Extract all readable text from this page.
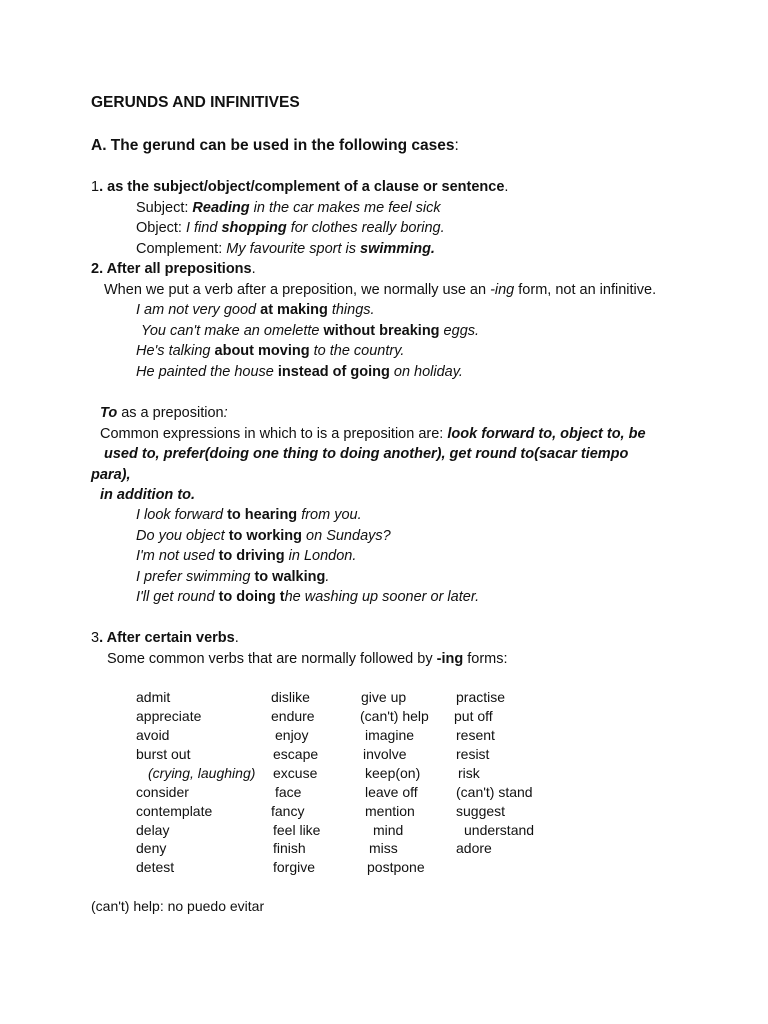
GERUNDS AND INFINITIVES
A. The gerund can be used in the following cases:
1. as the subject/object/complement of a clause or sentence.
Subject: Reading in the car makes me feel sick
Object: I find shopping for clothes really boring.
Complement: My favourite sport is swimming.
2. After all prepositions.
When we put a verb after a preposition, we normally use an -ing form, not an infinitive.
I am not very good at making things.
You can't make an omelette without breaking eggs.
He's talking about moving to the country.
He painted the house instead of going on holiday.
To as a preposition:
Common expressions in which to is a preposition are: look forward to, object to, be
used to, prefer(doing one thing to doing another), get round to(sacar tiempo
para),
in addition to.
I look forward to hearing from you.
Do you object to working on Sundays?
I'm not used to driving in London.
I prefer swimming to walking.
I'll get round to doing the washing up sooner or later.
3. After certain verbs.
Some common verbs that are normally followed by -ing forms:
admit
appreciate
avoid
burst out
(crying, laughing)
consider
contemplate
delay
deny
detest
dislike
endure
enjoy
escape
excuse
face
fancy
feel like
finish
forgive
give up
(can't) help
imagine
involve
keep(on)
leave off
mention
mind
miss
postpone
practise
put off
resent
resist
risk
(can't) stand
suggest
understand
adore
(can't) help: no puedo evitar
